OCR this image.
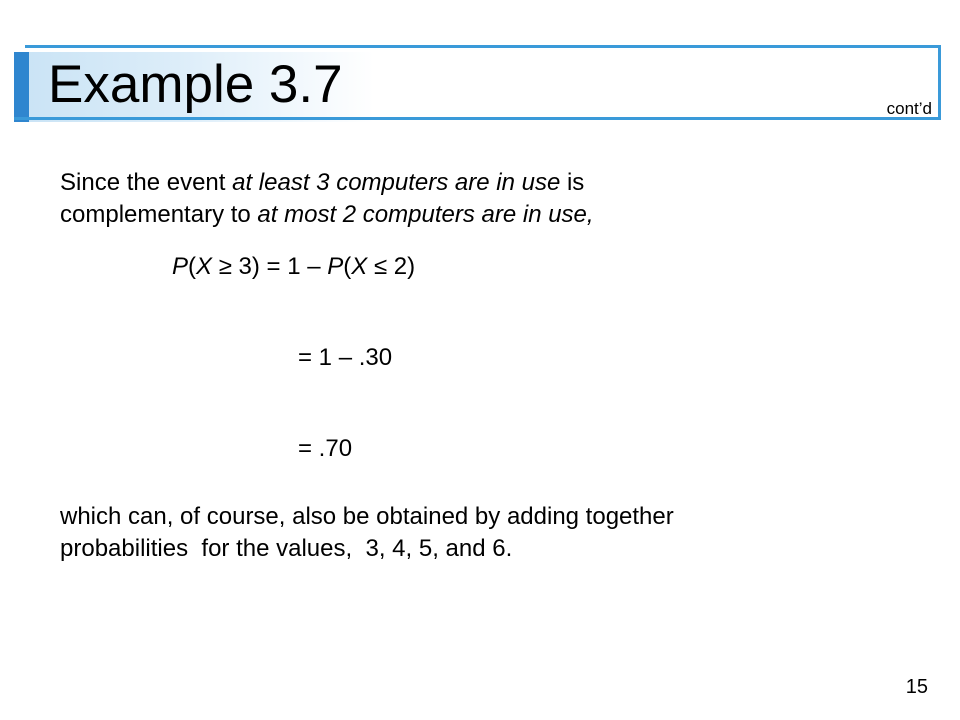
Example 3.7	cont’d

Since the event at least 3 computers are in use is
complementary to at most 2 computers are in use,

P(X ≥ 3) = 1 – P(X ≤ 2)
= 1 – .30
= .70

which can, of course, also be obtained by adding together
probabilities  for the values,  3, 4, 5, and 6.

15
